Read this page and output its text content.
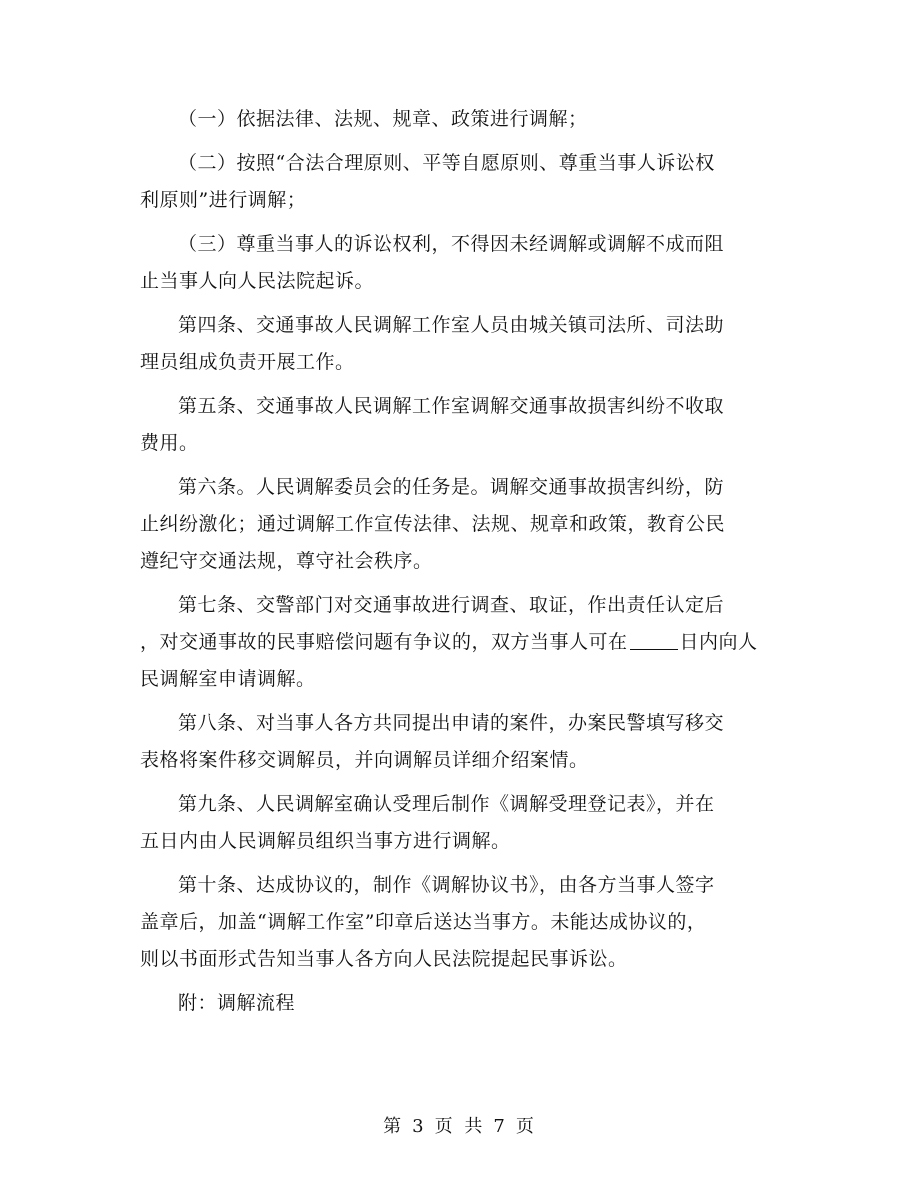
（一）依据法律、法规、规章、政策进行调解；

（二）按照“合法合理原则、平等自愿原则、尊重当事人诉讼权
利原则”进行调解；

（三）尊重当事人的诉讼权利，不得因未经调解或调解不成而阻
止当事人向人民法院起诉。

第四条、交通事故人民调解工作室人员由城关镇司法所、司法助
理员组成负责开展工作。

第五条、交通事故人民调解工作室调解交通事故损害纠纷不收取
费用。

第六条。人民调解委员会的任务是。调解交通事故损害纠纷，防
止纠纷激化；通过调解工作宣传法律、法规、规章和政策，教育公民
遵纪守交通法规，尊守社会秩序。

第七条、交警部门对交通事故进行调查、取证，作出责任认定后
，对交通事故的民事赔偿问题有争议的，双方当事人可在	日内向人
民调解室申请调解。

第八条、对当事人各方共同提出申请的案件，办案民警填写移交
表格将案件移交调解员，并向调解员详细介绍案情。

第九条、人民调解室确认受理后制作《调解受理登记表》，并在
五日内由人民调解员组织当事方进行调解。

第十条、达成协议的，制作《调解协议书》，由各方当事人签字
盖章后，加盖“调解工作室”印章后送达当事方。未能达成协议的，
则以书面形式告知当事人各方向人民法院提起民事诉讼。

附：调解流程

第 3 页 共 7 页
